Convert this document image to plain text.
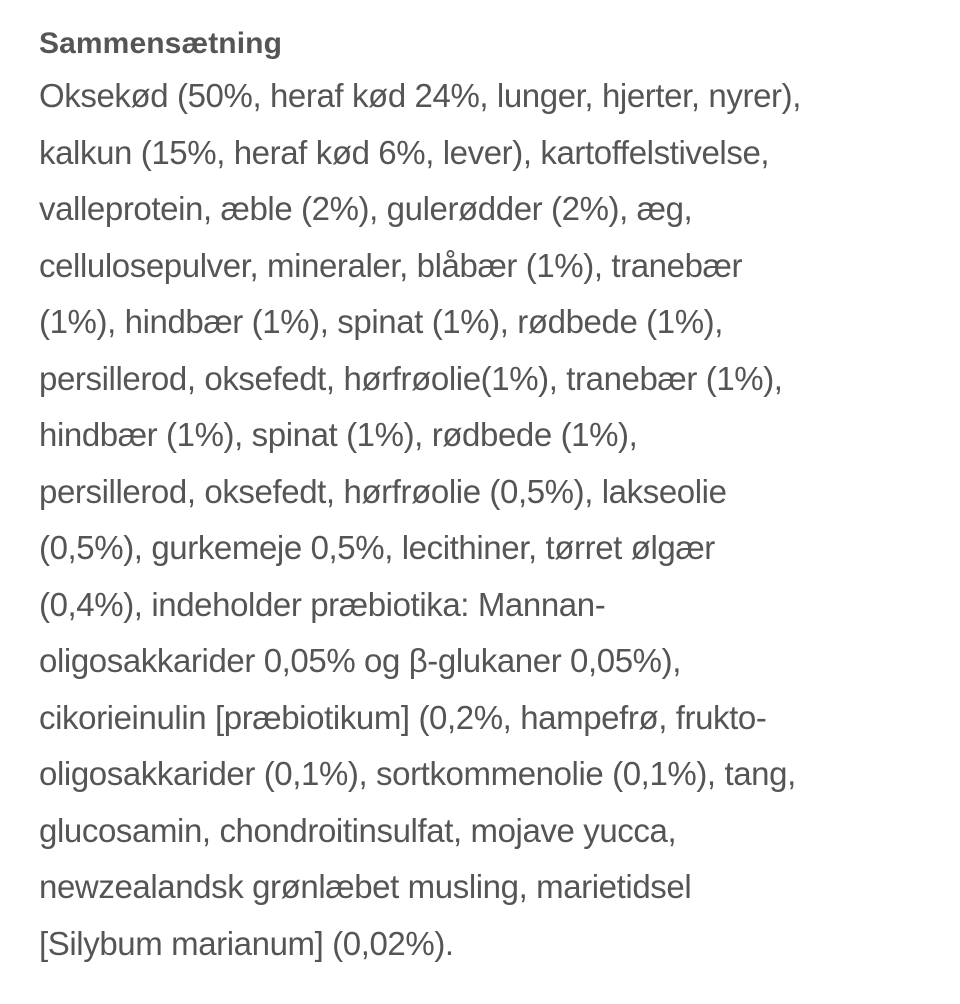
Sammensætning
Oksekød (50%, heraf kød 24%, lunger, hjerter, nyrer),
kalkun (15%, heraf kød 6%, lever), kartoffelstivelse,
valleprotein, æble (2%), gulerødder (2%), æg,
cellulosepulver, mineraler, blåbær (1%), tranebær
(1%), hindbær (1%), spinat (1%), rødbede (1%),
persillerod, oksefedt, hørfrøolie(1%), tranebær (1%),
hindbær (1%), spinat (1%), rødbede (1%),
persillerod, oksefedt, hørfrøolie (0,5%), lakseolie
(0,5%), gurkemeje 0,5%, lecithiner, tørret ølgær
(0,4%), indeholder præbiotika: Mannan-
oligosakkarider 0,05% og β-glukaner 0,05%),
cikorieinulin [præbiotikum] (0,2%, hampefrø, frukto-
oligosakkarider (0,1%), sortkommenolie (0,1%), tang,
glucosamin, chondroitinsulfat, mojave yucca,
newzealandsk grønlæbet musling, marietidsel
[Silybum marianum] (0,02%).
